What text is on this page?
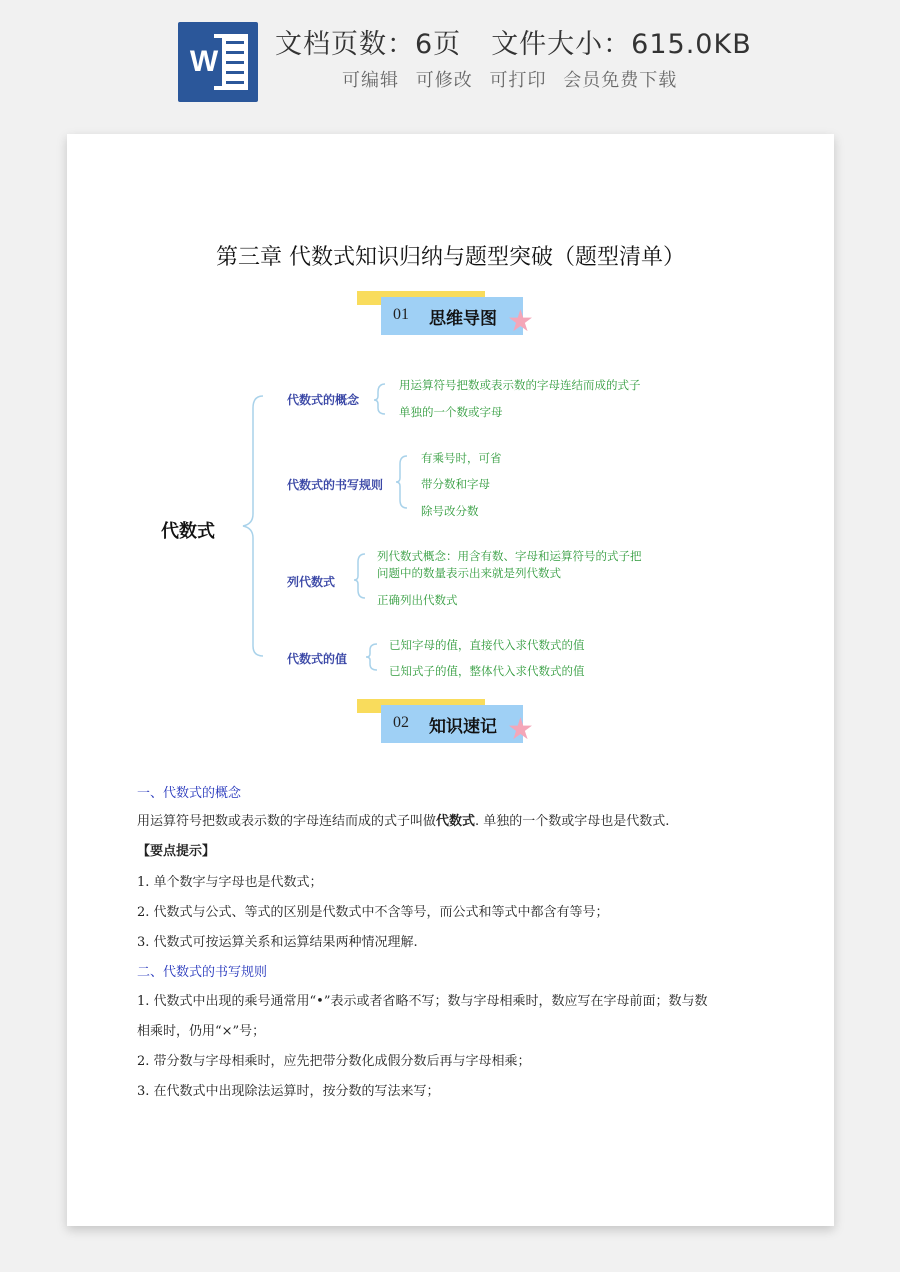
W
文档页数：6页 文件大小：615.0KB
可编辑 可修改 可打印 会员免费下载
第三章 代数式知识归纳与题型突破（题型清单）
01 思维导图 ★
代数式
代数式的概念
用运算符号把数或表示数的字母连结而成的式子
单独的一个数或字母
代数式的书写规则
有乘号时，可省
带分数和字母
除号改分数
列代数式
列代数式概念：用含有数、字母和运算符号的式子把
问题中的数量表示出来就是列代数式
正确列出代数式
代数式的值
已知字母的值，直接代入求代数式的值
已知式子的值，整体代入求代数式的值
02 知识速记 ★

一、代数式的概念

用运算符号把数或表示数的字母连结而成的式子叫做代数式. 单独的一个数或字母也是代数式.

【要点提示】

1. 单个数字与字母也是代数式；

2. 代数式与公式、等式的区别是代数式中不含等号，而公式和等式中都含有等号；

3. 代数式可按运算关系和运算结果两种情况理解.

二、代数式的书写规则

1. 代数式中出现的乘号通常用“•”表示或者省略不写；数与字母相乘时，数应写在字母前面；数与数

相乘时，仍用“×”号；

2. 带分数与字母相乘时，应先把带分数化成假分数后再与字母相乘；

3. 在代数式中出现除法运算时，按分数的写法来写；
